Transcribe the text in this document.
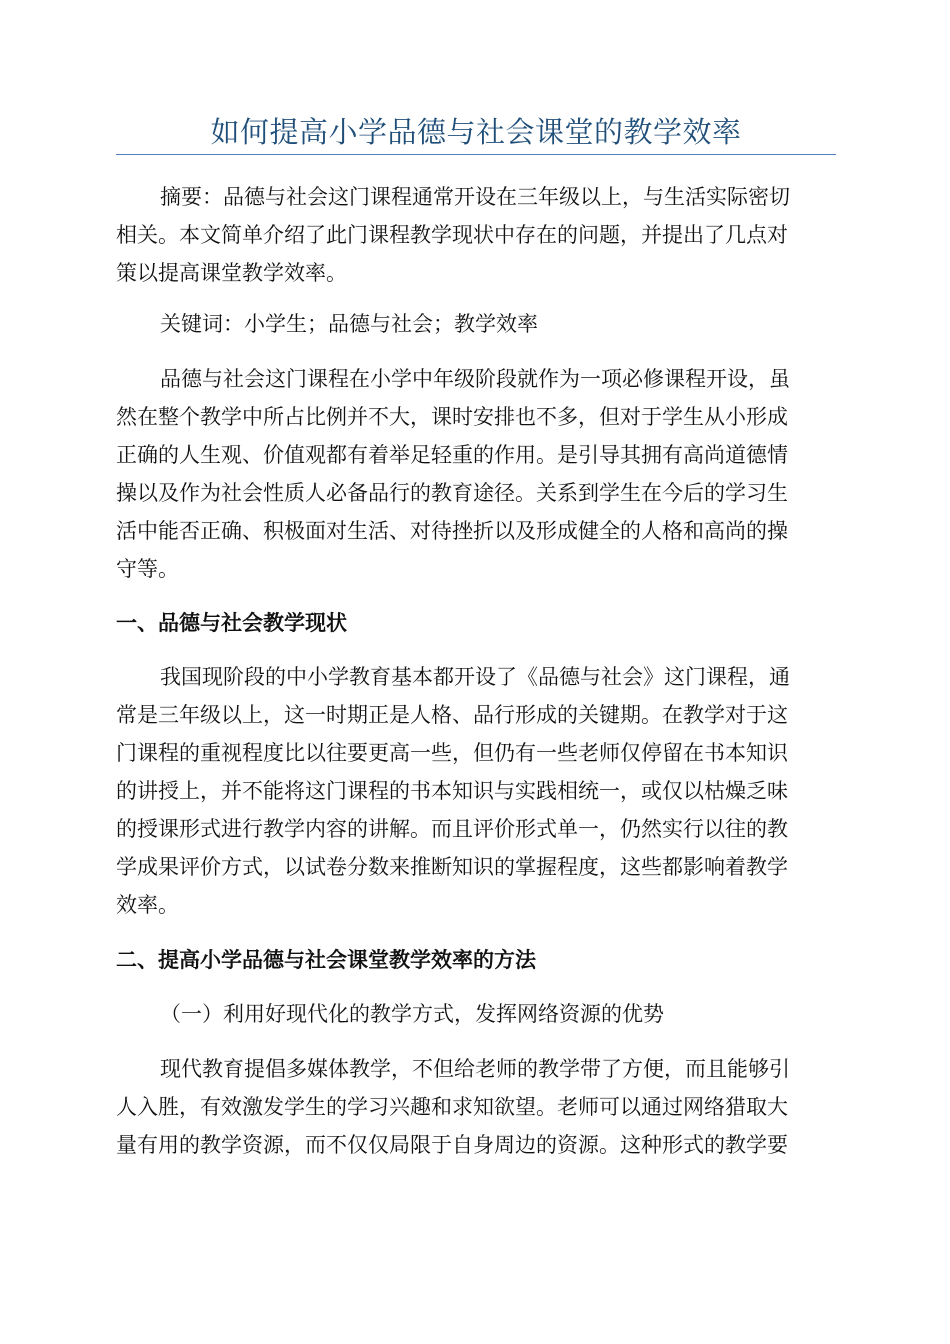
如何提高小学品德与社会课堂的教学效率
摘要：品德与社会这门课程通常开设在三年级以上，与生活实际密切
相关。本文简单介绍了此门课程教学现状中存在的问题，并提出了几点对
策以提高课堂教学效率。
关键词：小学生；品德与社会；教学效率
品德与社会这门课程在小学中年级阶段就作为一项必修课程开设，虽
然在整个教学中所占比例并不大，课时安排也不多，但对于学生从小形成
正确的人生观、价值观都有着举足轻重的作用。是引导其拥有高尚道德情
操以及作为社会性质人必备品行的教育途径。关系到学生在今后的学习生
活中能否正确、积极面对生活、对待挫折以及形成健全的人格和高尚的操
守等。
一、品德与社会教学现状
我国现阶段的中小学教育基本都开设了《品德与社会》这门课程，通
常是三年级以上，这一时期正是人格、品行形成的关键期。在教学对于这
门课程的重视程度比以往要更高一些，但仍有一些老师仅停留在书本知识
的讲授上，并不能将这门课程的书本知识与实践相统一，或仅以枯燥乏味
的授课形式进行教学内容的讲解。而且评价形式单一，仍然实行以往的教
学成果评价方式，以试卷分数来推断知识的掌握程度，这些都影响着教学
效率。
二、提高小学品德与社会课堂教学效率的方法
（一）利用好现代化的教学方式，发挥网络资源的优势
现代教育提倡多媒体教学，不但给老师的教学带了方便，而且能够引
人入胜，有效激发学生的学习兴趣和求知欲望。老师可以通过网络猎取大
量有用的教学资源，而不仅仅局限于自身周边的资源。这种形式的教学要
